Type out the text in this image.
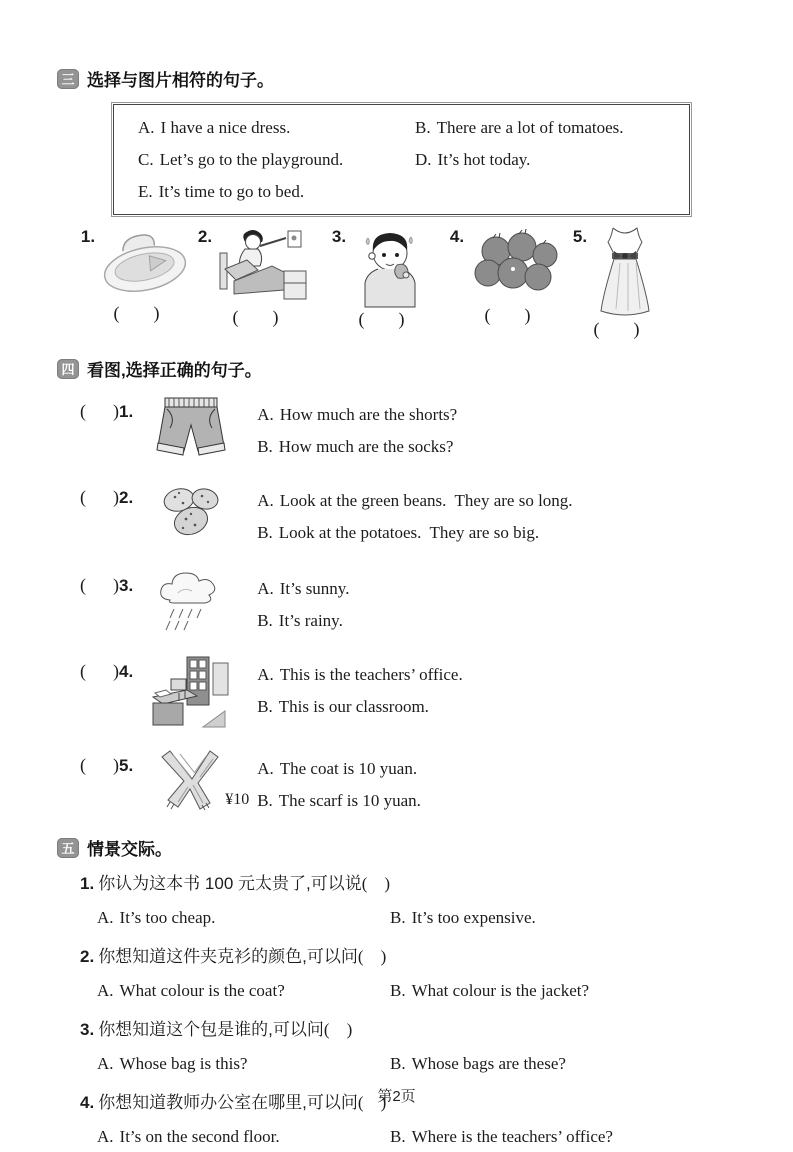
三 选择与图片相符的句子。
A. I have a nice dress.	B. There are a lot of tomatoes.
C. Let’s go to the playground.	D. It’s hot today.
E. It’s time to go to bed.
1.
(      )
2.
(      )
3.
(      )
4.
(      )
5.
(      )
四 看图,选择正确的句子。
(      )1.	A. How much are the shorts?
B. How much are the socks?
(      )2.	A. Look at the green beans.  They are so long.
B. Look at the potatoes.  They are so big.
(      )3.	A. It’s sunny.
B. It’s rainy.
(      )4.	A. This is the teachers’ office.
B. This is our classroom.
(      )5.
¥10
A. The coat is 10 yuan.
B. The scarf is 10 yuan.
五 情景交际。
1. 你认为这本书 100 元太贵了,可以说(    )
A. It’s too cheap.	B. It’s too expensive.
2. 你想知道这件夹克衫的颜色,可以问(    )
A. What colour is the coat?	B. What colour is the jacket?
3. 你想知道这个包是谁的,可以问(    )
A. Whose bag is this?	B. Whose bags are these?
4. 你想知道教师办公室在哪里,可以问(    )
A. It’s on the second floor.	B. Where is the teachers’ office?
第2页
